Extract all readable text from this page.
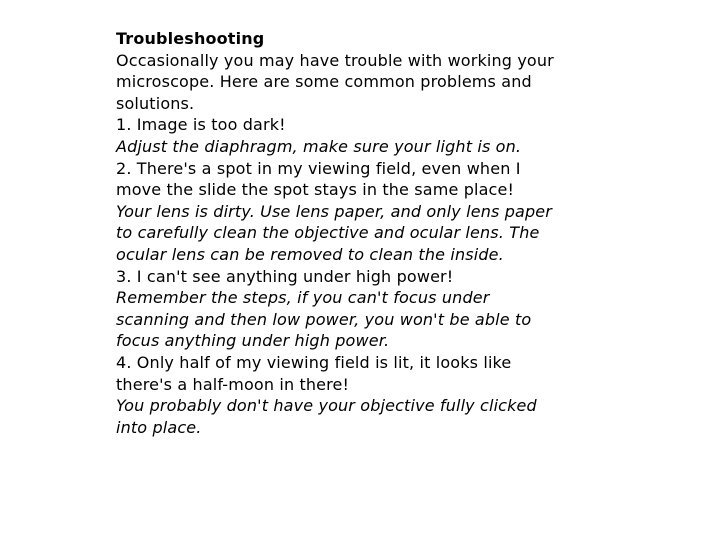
Troubleshooting
Occasionally you may have trouble with working your
microscope. Here are some common problems and
solutions.
1. Image is too dark!
Adjust the diaphragm, make sure your light is on.
2. There's a spot in my viewing field, even when I
move the slide the spot stays in the same place!
Your lens is dirty. Use lens paper, and only lens paper
to carefully clean the objective and ocular lens. The
ocular lens can be removed to clean the inside.
3. I can't see anything under high power!
Remember the steps, if you can't focus under
scanning and then low power, you won't be able to
focus anything under high power.
4. Only half of my viewing field is lit, it looks like
there's a half-moon in there!
You probably don't have your objective fully clicked
into place.
